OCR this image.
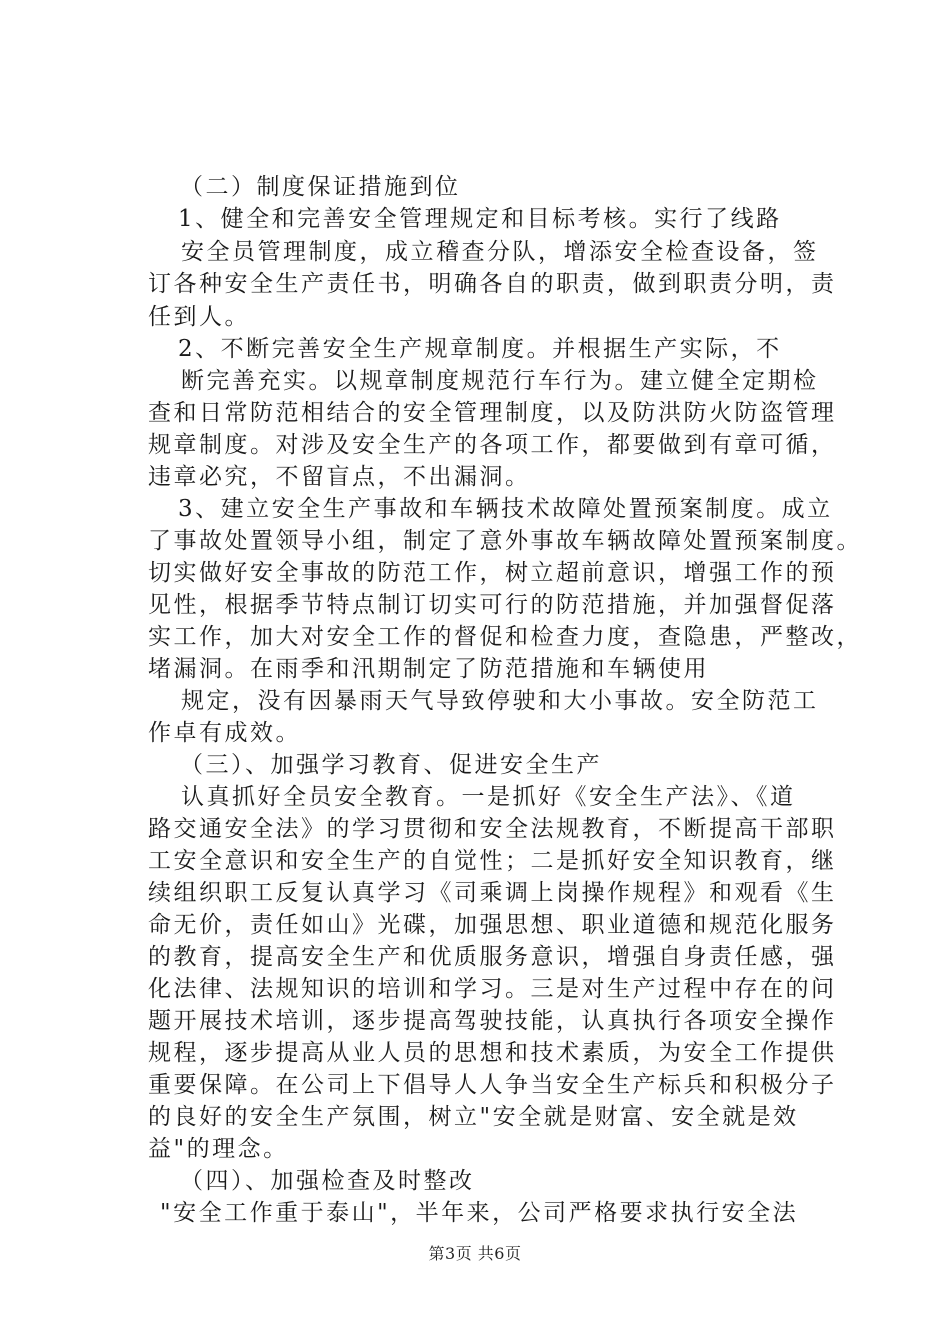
（二）制度保证措施到位
1、健全和完善安全管理规定和目标考核。实行了线路
安全员管理制度，成立稽查分队，增添安全检查设备，签
订各种安全生产责任书，明确各自的职责，做到职责分明，责
任到人。
2、不断完善安全生产规章制度。并根据生产实际，不
断完善充实。以规章制度规范行车行为。建立健全定期检
查和日常防范相结合的安全管理制度，以及防洪防火防盗管理
规章制度。对涉及安全生产的各项工作，都要做到有章可循，
违章必究，不留盲点，不出漏洞。
3、建立安全生产事故和车辆技术故障处置预案制度。成立
了事故处置领导小组，制定了意外事故车辆故障处置预案制度。
切实做好安全事故的防范工作，树立超前意识，增强工作的预
见性，根据季节特点制订切实可行的防范措施，并加强督促落
实工作，加大对安全工作的督促和检查力度，查隐患，严整改，
堵漏洞。在雨季和汛期制定了防范措施和车辆使用
规定，没有因暴雨天气导致停驶和大小事故。安全防范工
作卓有成效。
（三）、加强学习教育、促进安全生产
认真抓好全员安全教育。一是抓好《安全生产法》、《道
路交通安全法》的学习贯彻和安全法规教育，不断提高干部职
工安全意识和安全生产的自觉性；二是抓好安全知识教育，继
续组织职工反复认真学习《司乘调上岗操作规程》和观看《生
命无价，责任如山》光碟，加强思想、职业道德和规范化服务
的教育，提高安全生产和优质服务意识，增强自身责任感，强
化法律、法规知识的培训和学习。三是对生产过程中存在的问
题开展技术培训，逐步提高驾驶技能，认真执行各项安全操作
规程，逐步提高从业人员的思想和技术素质，为安全工作提供
重要保障。在公司上下倡导人人争当安全生产标兵和积极分子
的良好的安全生产氛围，树立"安全就是财富、安全就是效
益"的理念。
（四）、加强检查及时整改
"安全工作重于泰山"，半年来，公司严格要求执行安全法
第3页 共6页
